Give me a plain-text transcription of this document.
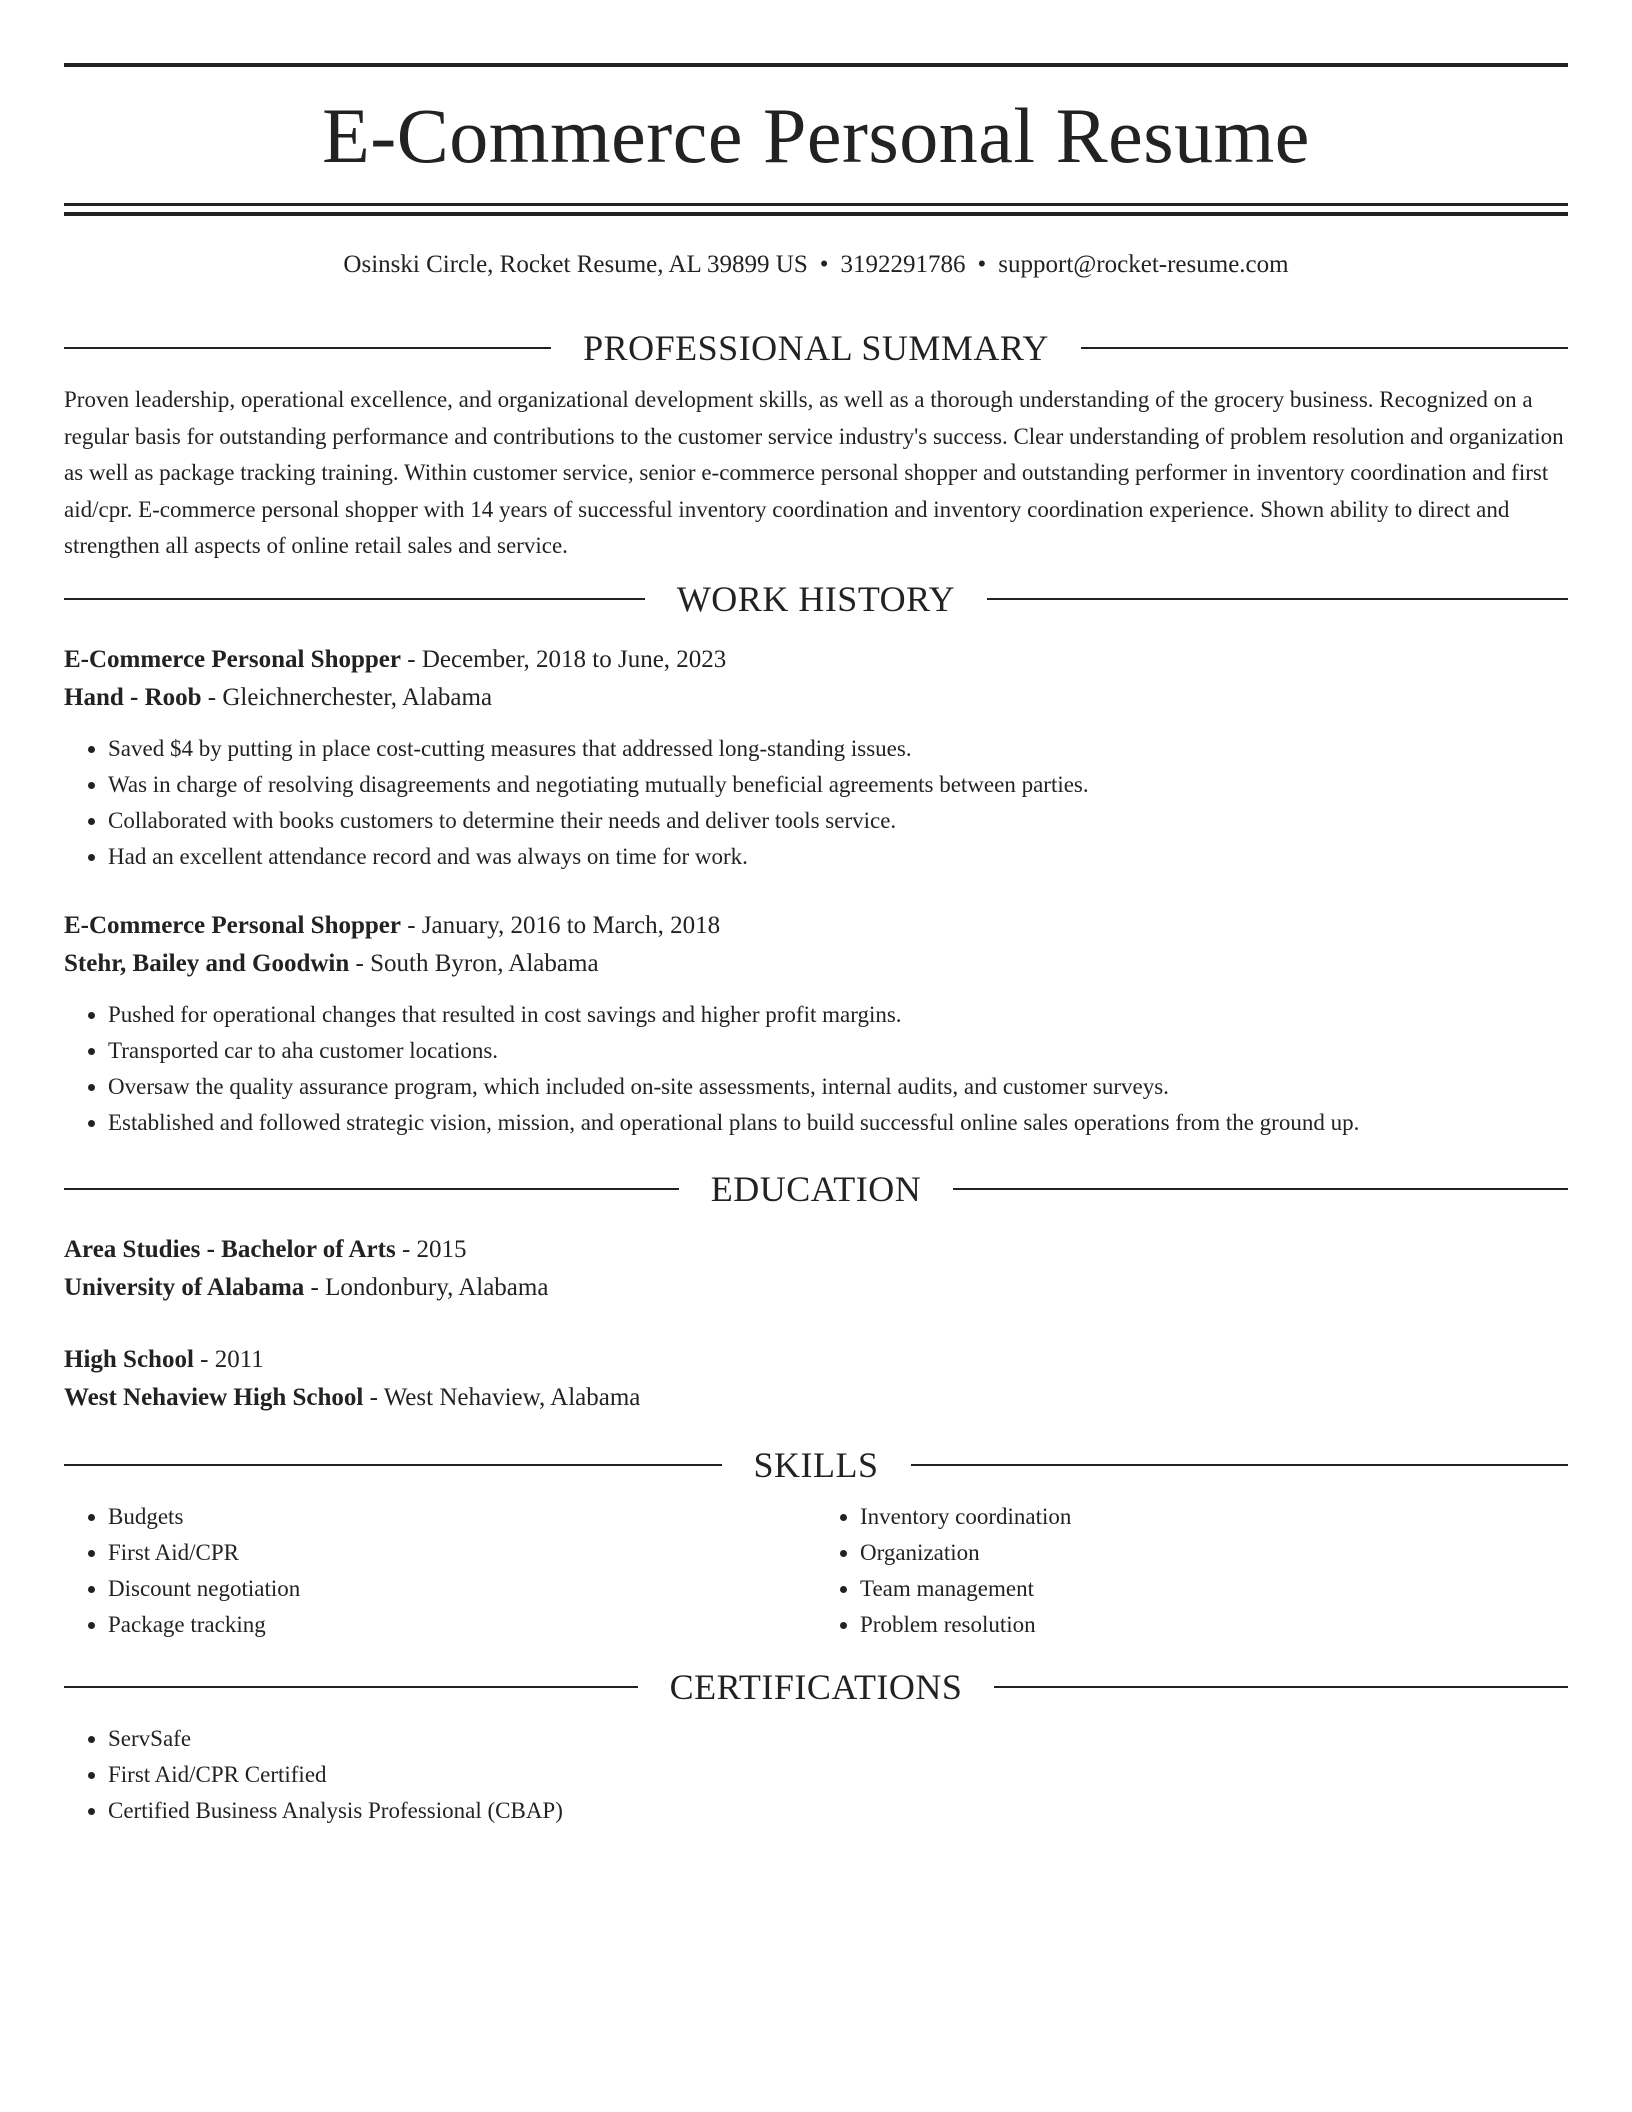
E-Commerce Personal Resume
Osinski Circle, Rocket Resume, AL 39899 US • 3192291786 • support@rocket-resume.com
PROFESSIONAL SUMMARY

Proven leadership, operational excellence, and organizational development skills, as well as a thorough understanding of the grocery business. Recognized on a regular basis for outstanding performance and contributions to the customer service industry's success. Clear understanding of problem resolution and organization as well as package tracking training. Within customer service, senior e-commerce personal shopper and outstanding performer in inventory coordination and first aid/cpr. E-commerce personal shopper with 14 years of successful inventory coordination and inventory coordination experience. Shown ability to direct and strengthen all aspects of online retail sales and service.

WORK HISTORY
E-Commerce Personal Shopper - December, 2018 to June, 2023
Hand - Roob - Gleichnerchester, Alabama
• Saved $4 by putting in place cost-cutting measures that addressed long-standing issues.
• Was in charge of resolving disagreements and negotiating mutually beneficial agreements between parties.
• Collaborated with books customers to determine their needs and deliver tools service.
• Had an excellent attendance record and was always on time for work.
E-Commerce Personal Shopper - January, 2016 to March, 2018
Stehr, Bailey and Goodwin - South Byron, Alabama
• Pushed for operational changes that resulted in cost savings and higher profit margins.
• Transported car to aha customer locations.
• Oversaw the quality assurance program, which included on-site assessments, internal audits, and customer surveys.
• Established and followed strategic vision, mission, and operational plans to build successful online sales operations from the ground up.
EDUCATION
Area Studies - Bachelor of Arts - 2015
University of Alabama - Londonbury, Alabama
High School - 2011
West Nehaview High School - West Nehaview, Alabama
SKILLS
• Budgets
• First Aid/CPR
• Discount negotiation
• Package tracking
• Inventory coordination
• Organization
• Team management
• Problem resolution
CERTIFICATIONS
• ServSafe
• First Aid/CPR Certified
• Certified Business Analysis Professional (CBAP)
